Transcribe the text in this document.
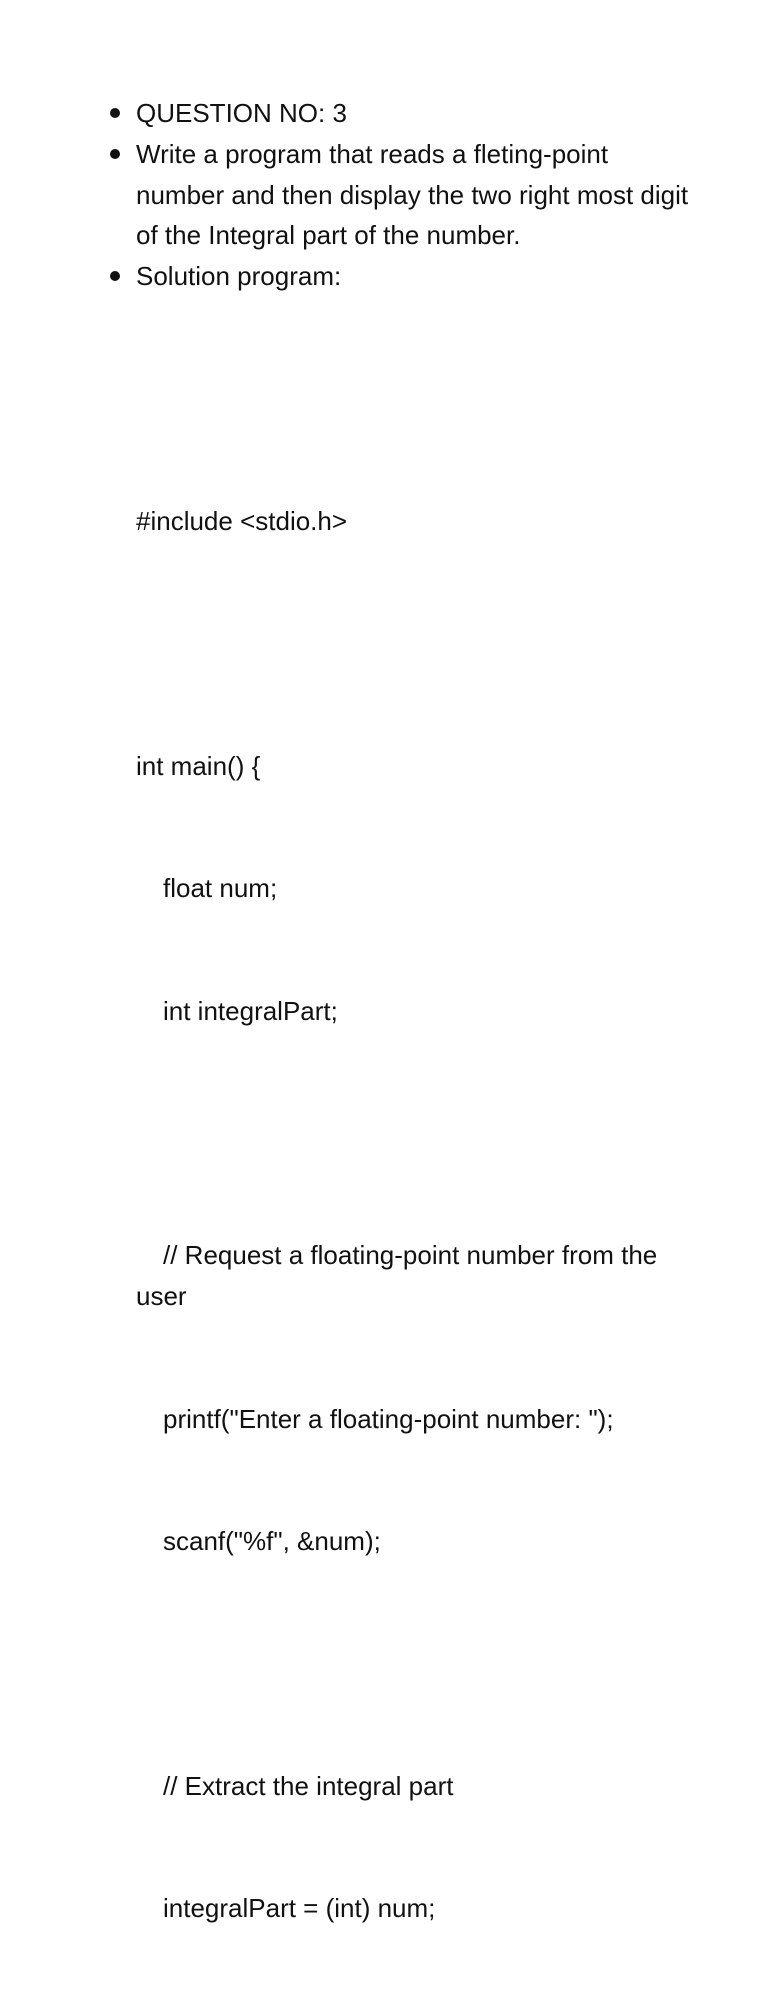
QUESTION NO: 3
Write a program that reads a fleting-point number and then display the two right most digit of the Integral part of the number.
Solution program:

#include <stdio.h>

int main() {

float num;

int integralPart;

// Request a floating-point number from the user

printf("Enter a floating-point number: ");

scanf("%f", &num);

// Extract the integral part

integralPart = (int) num;
